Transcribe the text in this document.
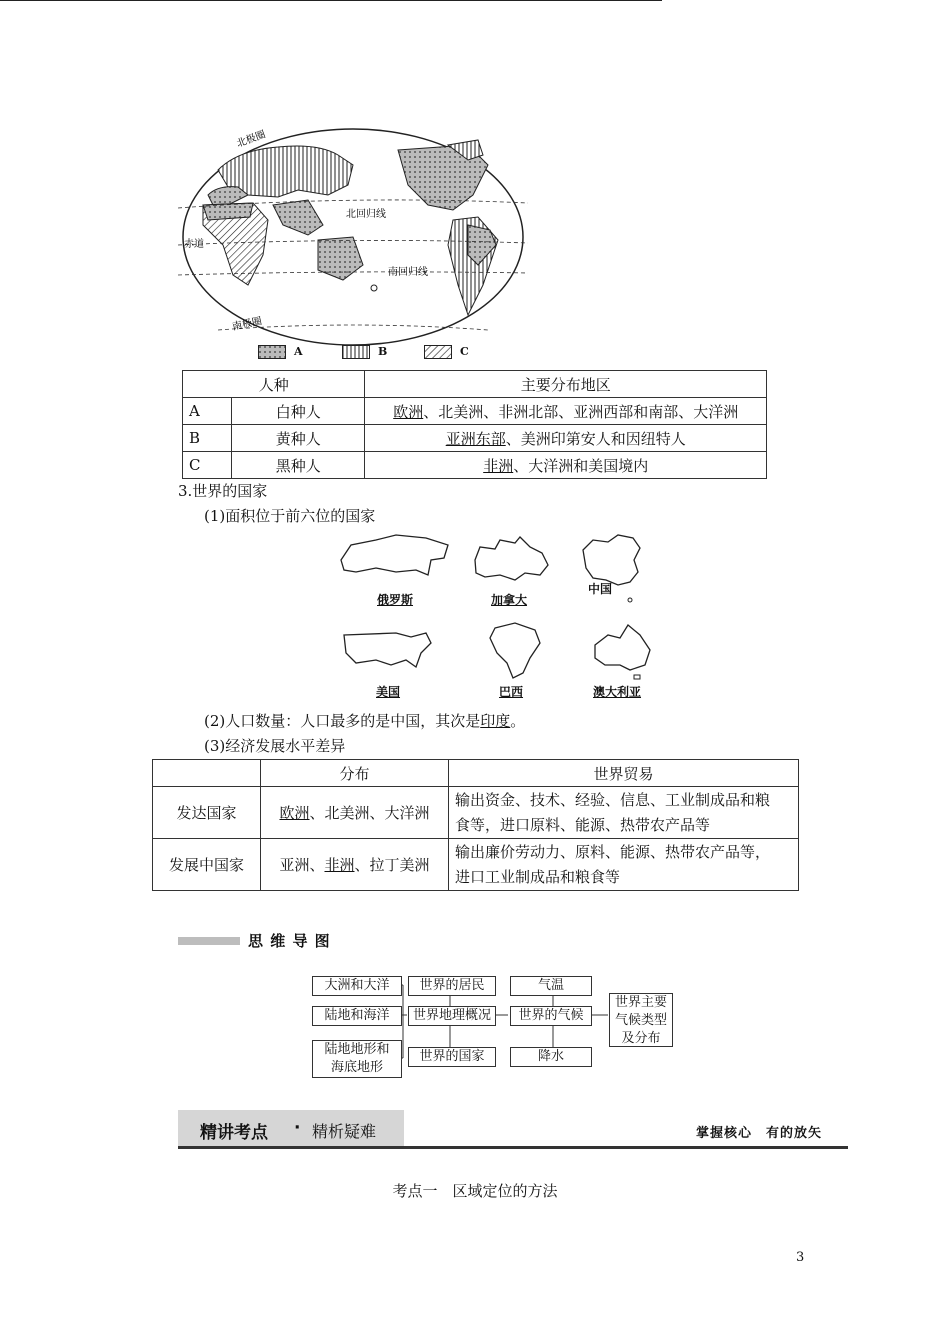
北极圈
北回归线
赤道
南回归线
南极圈
A	B	C
人种		主要分布地区
A	白种人	欧洲、北美洲、非洲北部、亚洲西部和南部、大洋洲
B	黄种人	亚洲东部、美洲印第安人和因纽特人
C	黑种人	非洲、大洋洲和美国境内
3.世界的国家
(1)面积位于前六位的国家
俄罗斯	加拿大
中国
美国	巴西	澳大利亚
(2)人口数量：人口最多的是中国，其次是印度。
(3)经济发展水平差异
	分布	世界贸易
发达国家	欧洲、北美洲、大洋洲	输出资金、技术、经验、信息、工业制成品和粮
食等，进口原料、能源、热带农产品等

发展中国家	亚洲、非洲、拉丁美洲	输出廉价劳动力、原料、能源、热带农产品等，
进口工业制成品和粮食等
思 维 导 图
大洲和大洋
陆地和海洋
陆地地形和
海底地形
世界的居民
世界地理概况
世界的国家
气温
世界的气候
降水
世界主要
气候类型
及分布
精讲考点 · 精析疑难	掌握核心　有的放矢
考点一　区域定位的方法
3
